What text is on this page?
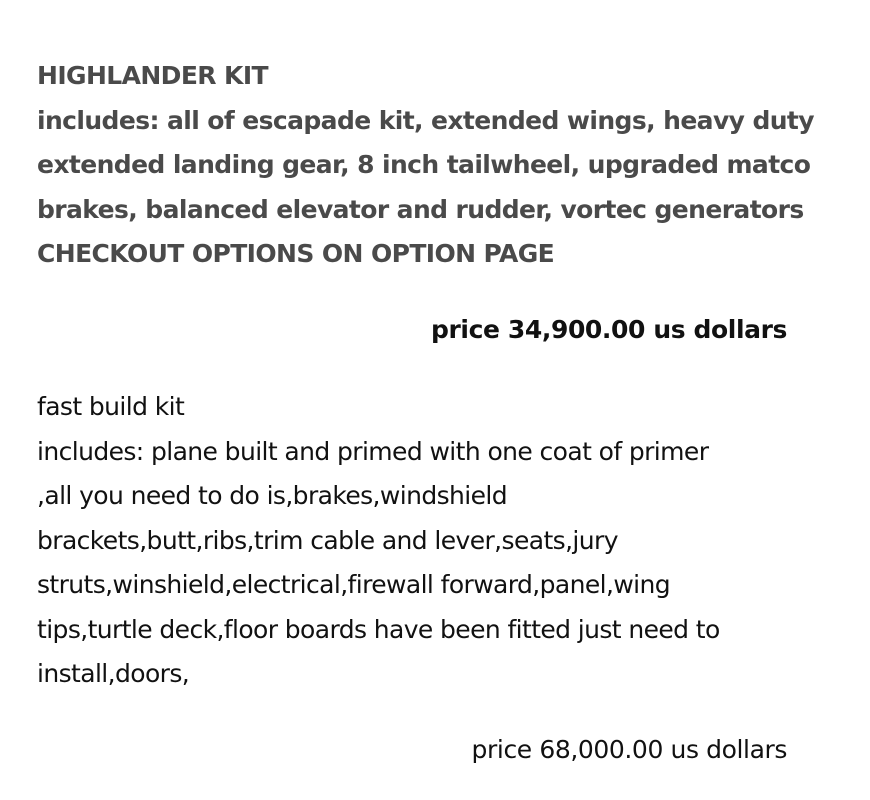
HIGHLANDER KIT
includes: all of escapade kit, extended wings, heavy duty
extended landing gear, 8 inch tailwheel, upgraded matco
brakes, balanced elevator and rudder, vortec generators
CHECKOUT OPTIONS ON OPTION PAGE
price 34,900.00 us dollars
fast build kit
includes: plane built and primed with one coat of primer
,all you need to do is,brakes,windshield
brackets,butt,ribs,trim cable and lever,seats,jury
struts,winshield,electrical,firewall forward,panel,wing
tips,turtle deck,floor boards have been fitted just need to
install,doors,
price 68,000.00 us dollars
